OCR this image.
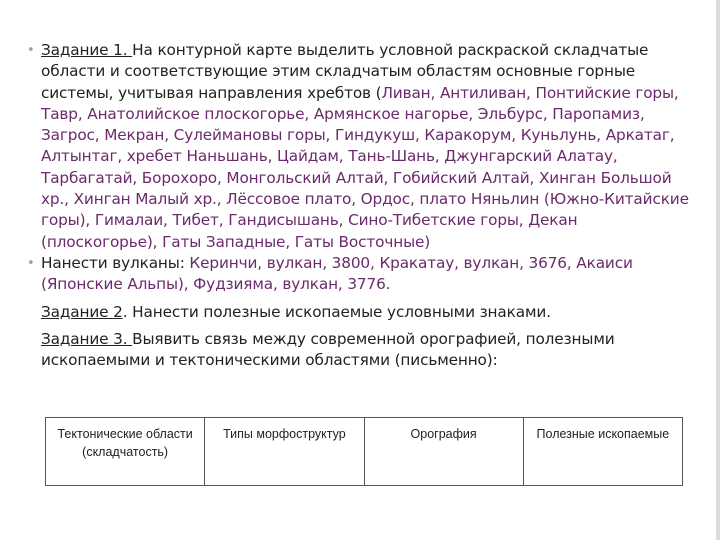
• Задание 1. На контурной карте выделить условной раскраской складчатые области и соответствующие этим складчатым областям основные горные системы, учитывая направления хребтов (Ливан, Антиливан, Понтийские горы, Тавр, Анатолийское плоскогорье, Армянское нагорье, Эльбурс, Паропамиз, Загрос, Мекран, Сулеймановы горы, Гиндукуш, Каракорум, Куньлунь, Аркатаг, Алтынтаг, хребет Наньшань, Цайдам, Тань-Шань, Джунгарский Алатау, Тарбагатай, Борохоро, Монгольский Алтай, Гобийский Алтай, Хинган Большой хр., Хинган Малый хр., Лёссовое плато, Ордос, плато Няньлин (Южно-Китайские горы), Гималаи, Тибет, Гандисышань, Сино-Тибетские горы, Декан (плоскогорье), Гаты Западные, Гаты Восточные)
• Нанести вулканы: Керинчи, вулкан, 3800, Кракатау, вулкан, 3676, Акаиси (Японские Альпы), Фудзияма, вулкан, 3776.
Задание 2. Нанести полезные ископаемые условными знаками.
Задание 3. Выявить связь между современной орографией, полезными ископаемыми и тектоническими областями (письменно):
Тектонические области (складчатость)	Типы морфоструктур	Орография	Полезные ископаемые
